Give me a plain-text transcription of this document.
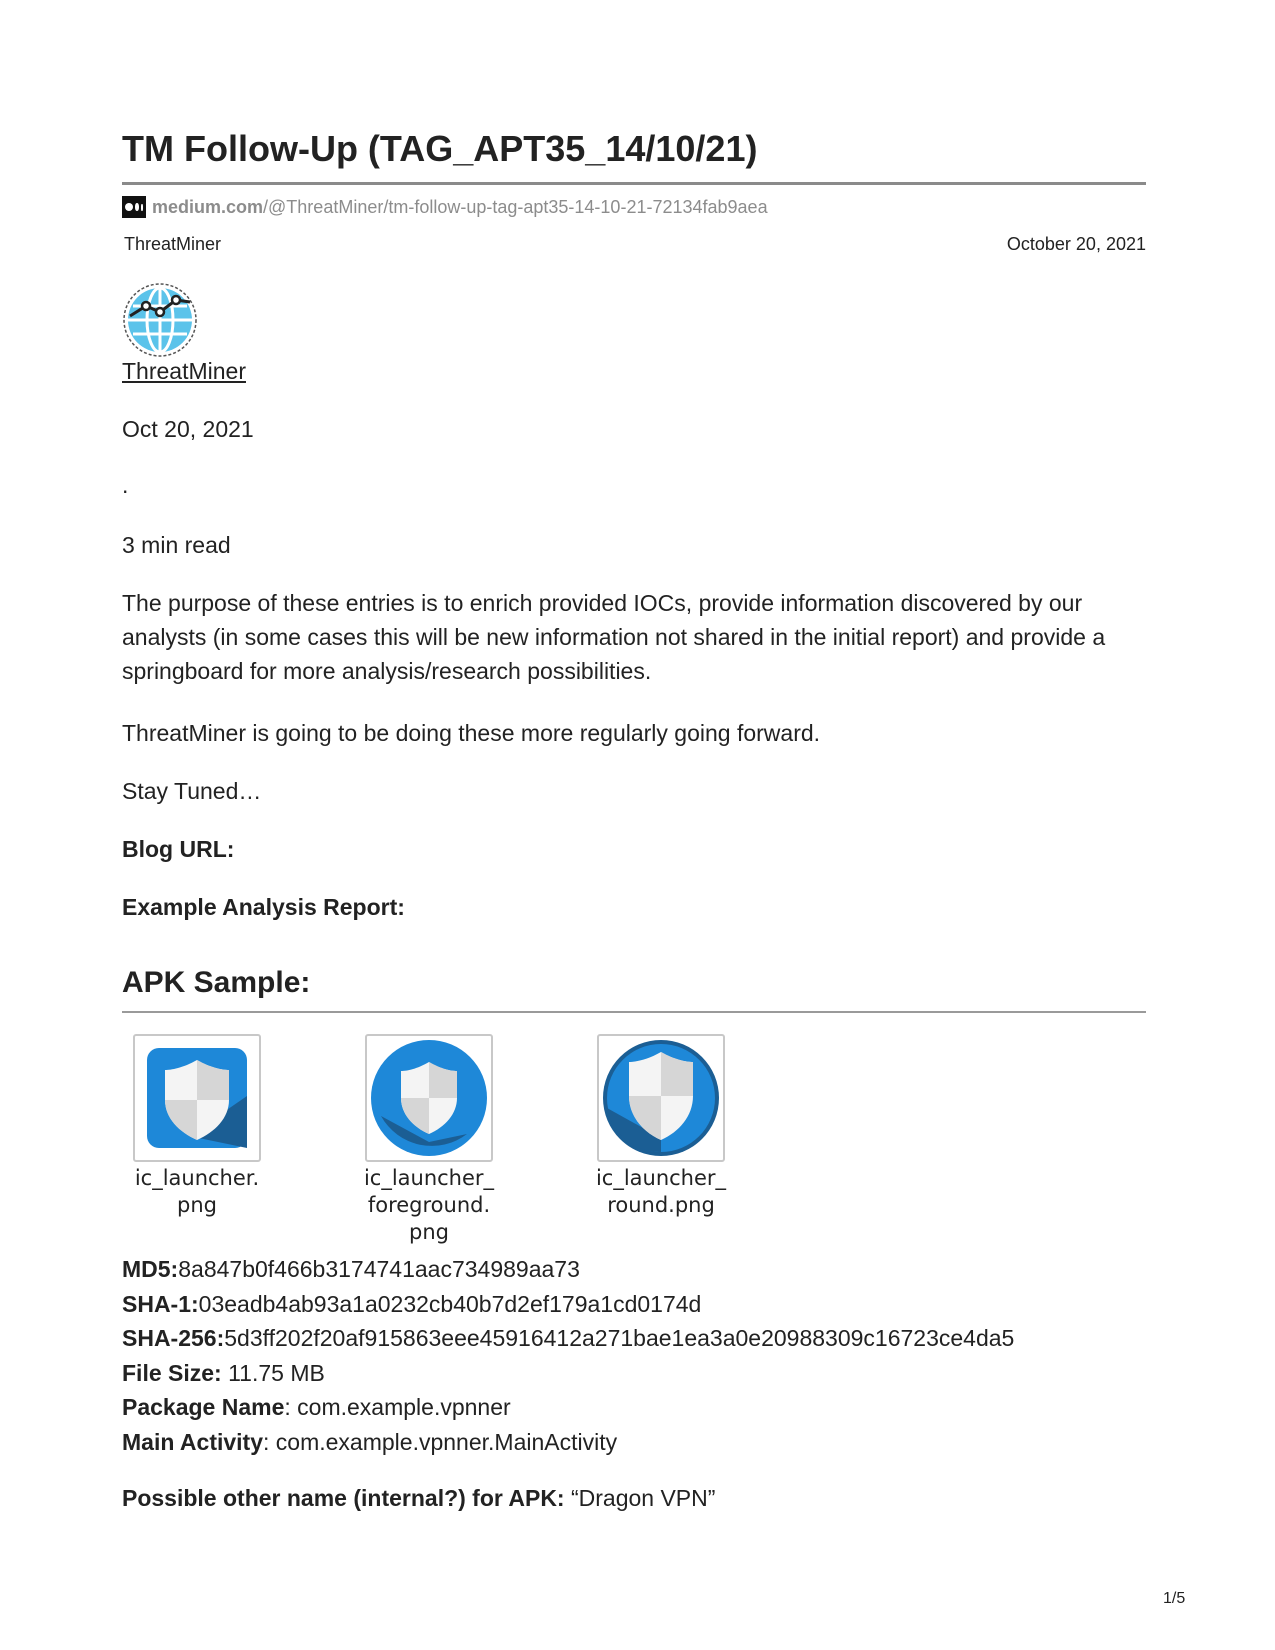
TM Follow-Up (TAG_APT35_14/10/21)
medium.com /@ThreatMiner/tm-follow-up-tag-apt35-14-10-21-72134fab9aea
ThreatMiner	October 20, 2021
ThreatMiner
Oct 20, 2021
.
3 min read
The purpose of these entries is to enrich provided IOCs, provide information discovered by our analysts (in some cases this will be new information not shared in the initial report) and provide a springboard for more analysis/research possibilities.
ThreatMiner is going to be doing these more regularly going forward.
Stay Tuned…
Blog URL:
Example Analysis Report:
APK Sample:
ic_launcher.
png
ic_launcher_
foreground.
png
ic_launcher_
round.png
MD5:8a847b0f466b3174741aac734989aa73
SHA-1:03eadb4ab93a1a0232cb40b7d2ef179a1cd0174d
SHA-256:5d3ff202f20af915863eee45916412a271bae1ea3a0e20988309c16723ce4da5
File Size: 11.75 MB
Package Name: com.example.vpnner
Main Activity: com.example.vpnner.MainActivity
Possible other name (internal?) for APK: “Dragon VPN”
1/5
